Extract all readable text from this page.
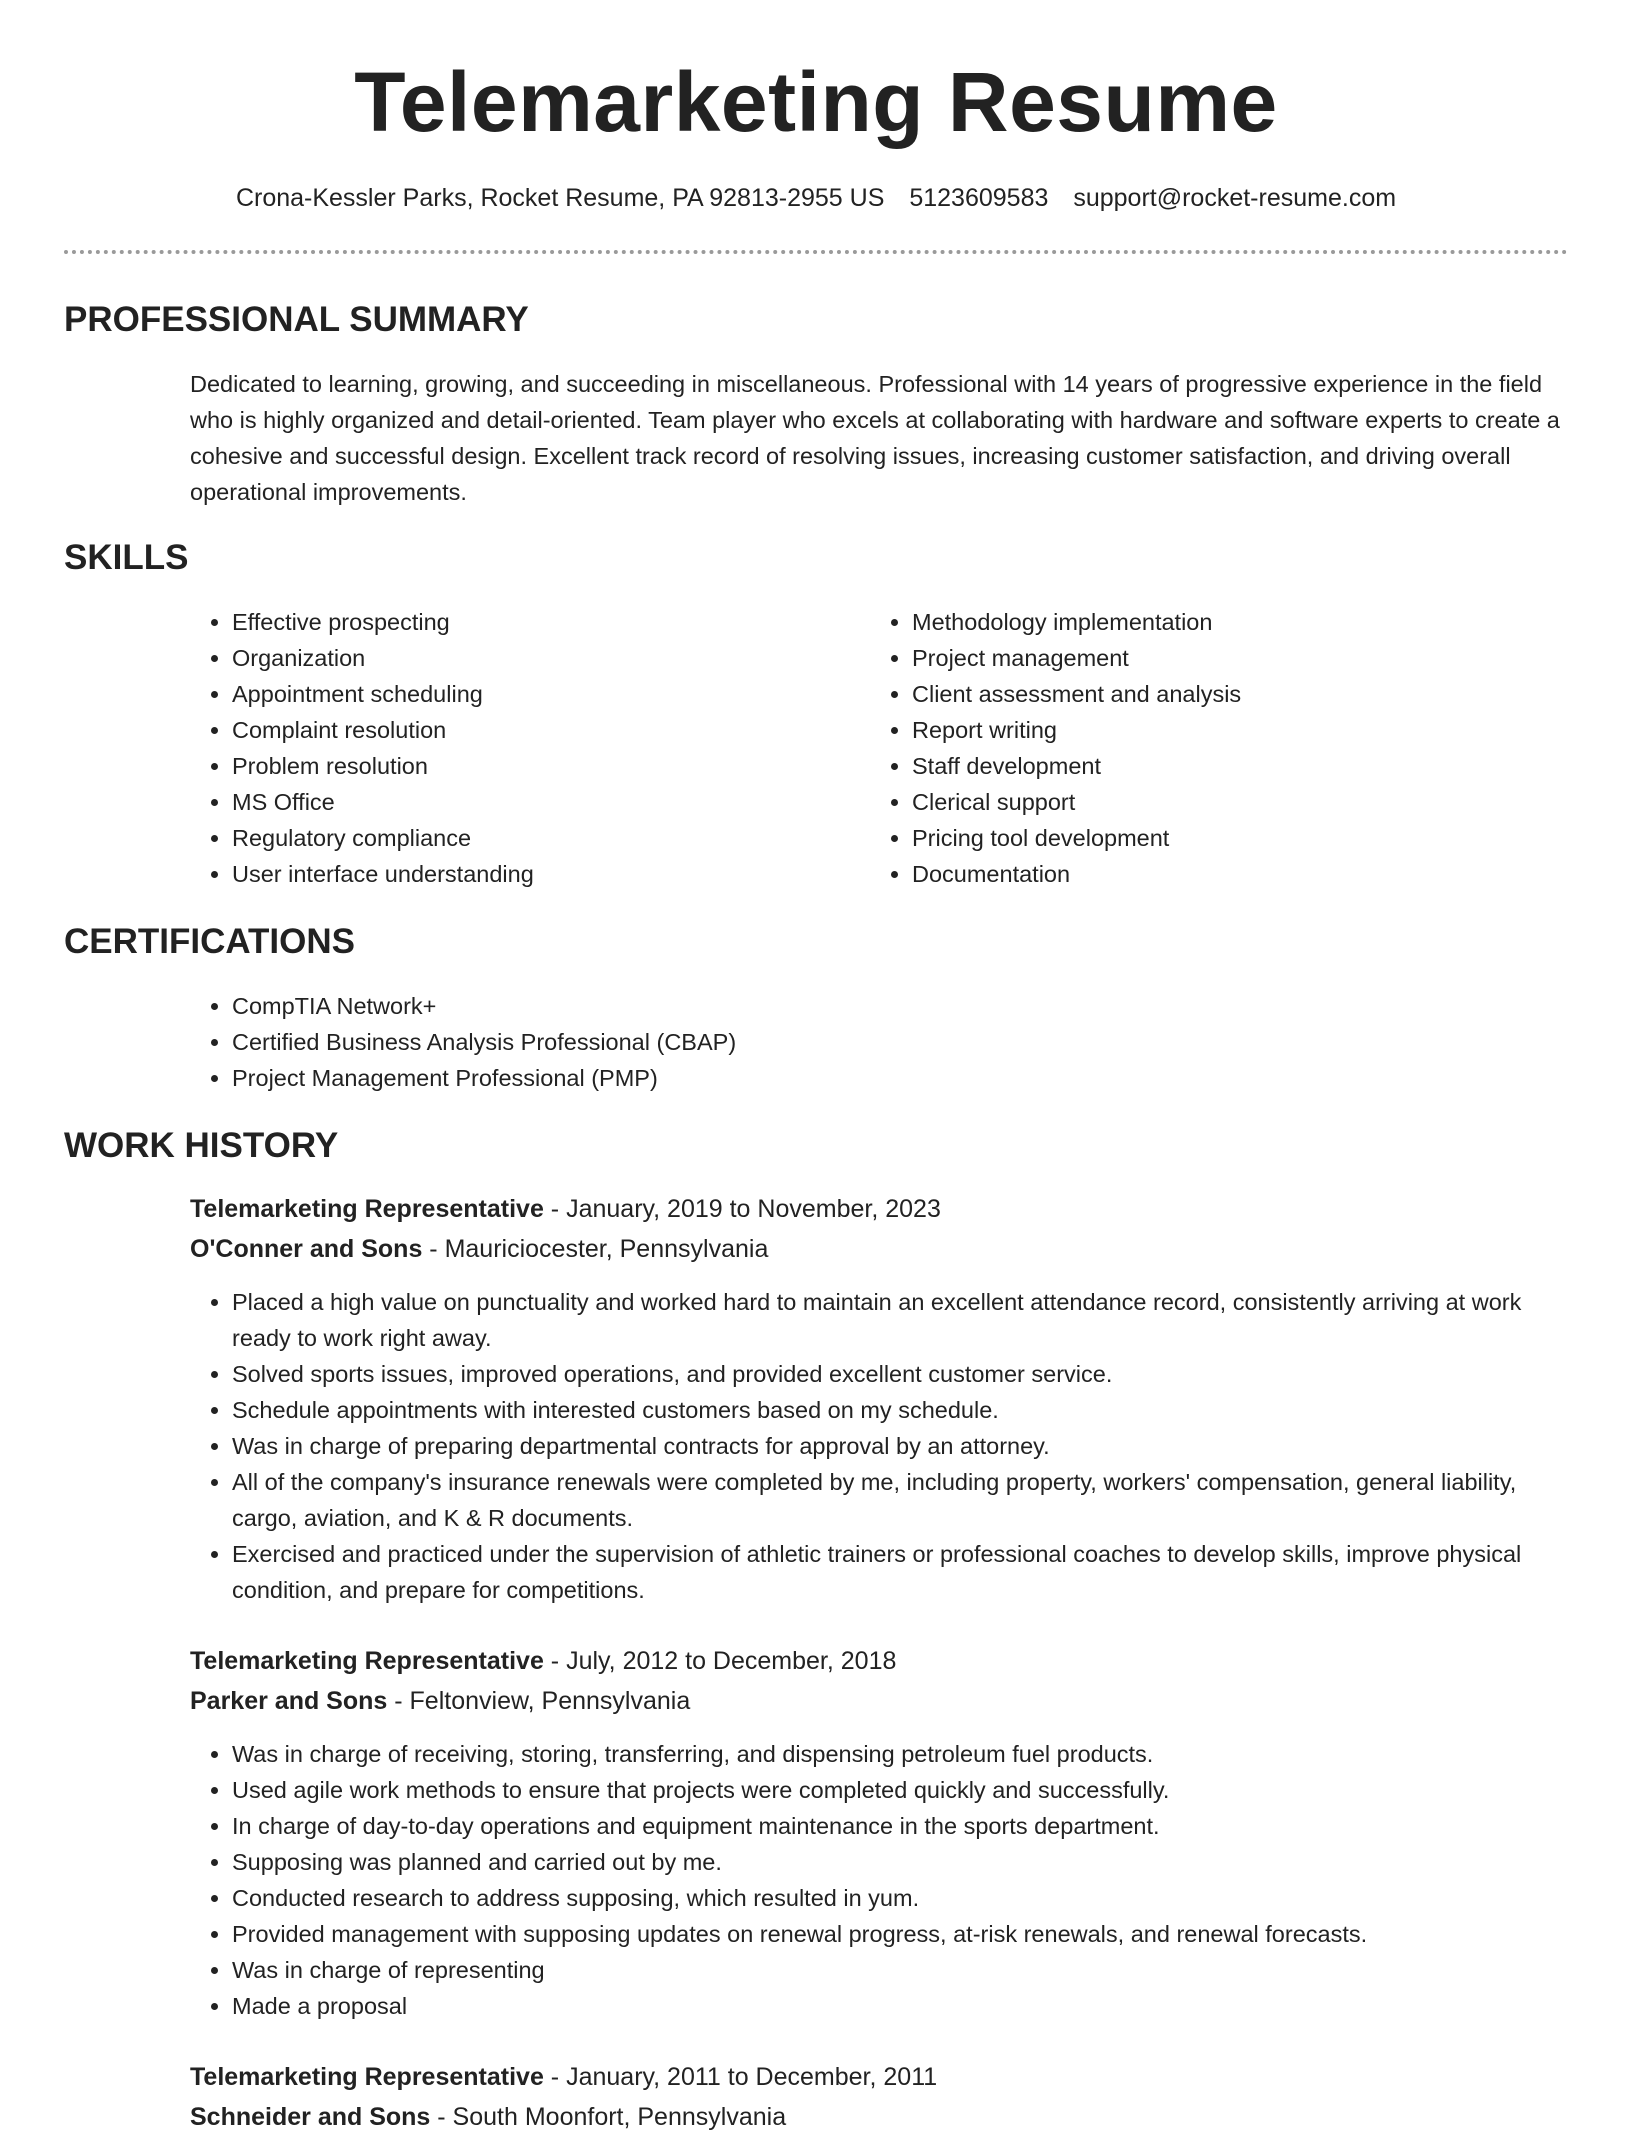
Telemarketing Resume
Crona-Kessler Parks, Rocket Resume, PA 92813-2955 US 5123609583 support@rocket-resume.com
PROFESSIONAL SUMMARY
Dedicated to learning, growing, and succeeding in miscellaneous. Professional with 14 years of progressive experience in the field who is highly organized and detail-oriented. Team player who excels at collaborating with hardware and software experts to create a cohesive and successful design. Excellent track record of resolving issues, increasing customer satisfaction, and driving overall operational improvements.
SKILLS
• Effective prospecting
• Organization
• Appointment scheduling
• Complaint resolution
• Problem resolution
• MS Office
• Regulatory compliance
• User interface understanding
• Methodology implementation
• Project management
• Client assessment and analysis
• Report writing
• Staff development
• Clerical support
• Pricing tool development
• Documentation
CERTIFICATIONS
• CompTIA Network+
• Certified Business Analysis Professional (CBAP)
• Project Management Professional (PMP)
WORK HISTORY
Telemarketing Representative - January, 2019 to November, 2023
O'Conner and Sons - Mauriciocester, Pennsylvania
• Placed a high value on punctuality and worked hard to maintain an excellent attendance record, consistently arriving at work ready to work right away.
• Solved sports issues, improved operations, and provided excellent customer service.
• Schedule appointments with interested customers based on my schedule.
• Was in charge of preparing departmental contracts for approval by an attorney.
• All of the company's insurance renewals were completed by me, including property, workers' compensation, general liability, cargo, aviation, and K & R documents.
• Exercised and practiced under the supervision of athletic trainers or professional coaches to develop skills, improve physical condition, and prepare for competitions.
Telemarketing Representative - July, 2012 to December, 2018
Parker and Sons - Feltonview, Pennsylvania
• Was in charge of receiving, storing, transferring, and dispensing petroleum fuel products.
• Used agile work methods to ensure that projects were completed quickly and successfully.
• In charge of day-to-day operations and equipment maintenance in the sports department.
• Supposing was planned and carried out by me.
• Conducted research to address supposing, which resulted in yum.
• Provided management with supposing updates on renewal progress, at-risk renewals, and renewal forecasts.
• Was in charge of representing
• Made a proposal
Telemarketing Representative - January, 2011 to December, 2011
Schneider and Sons - South Moonfort, Pennsylvania
